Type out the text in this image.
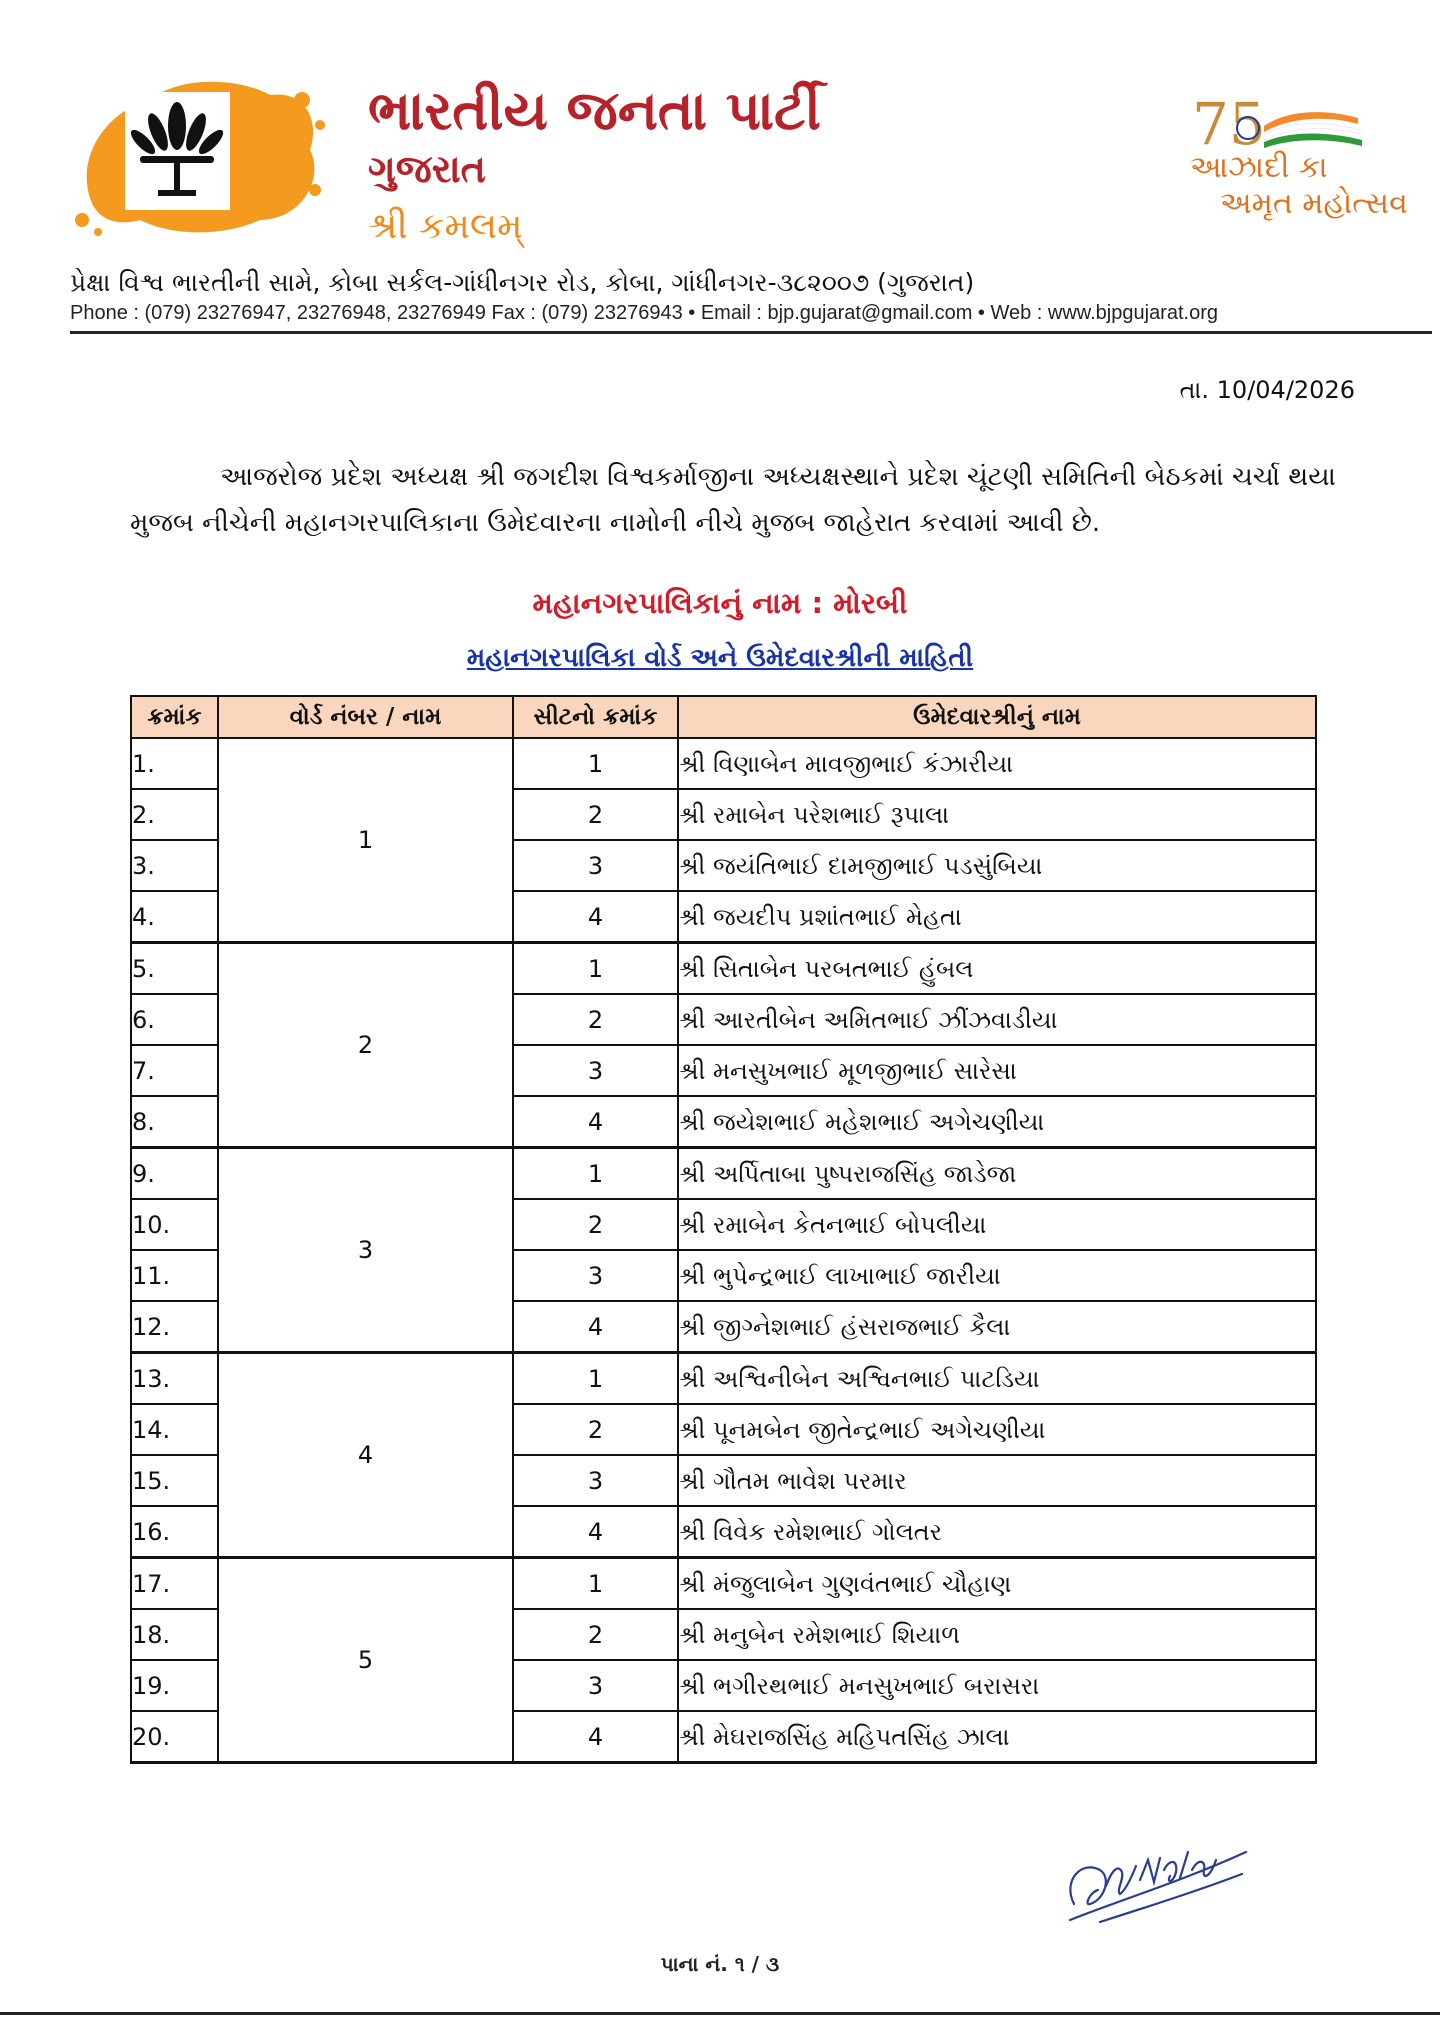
ભારતીય જનતા પાર્ટી
ગુજરાત
શ્રી કમલમ્
75
આઝાદી કા
અમૃત મહોત્સવ
પ્રેક્ષા વિશ્વ ભારતીની સામે, કોબા સર્કલ-ગાંધીનગર રોડ, કોબા, ગાંધીનગર-૩૮૨૦૦૭ (ગુજરાત)
Phone : (079) 23276947, 23276948, 23276949 Fax : (079) 23276943 • Email : bjp.gujarat@gmail.com • Web : www.bjpgujarat.org
તા. 10/04/2026
આજરોજ પ્રદેશ અધ્યક્ષ શ્રી જગદીશ વિશ્વકર્માજીના અધ્યક્ષસ્થાને પ્રદેશ ચૂંટણી સમિતિની બેઠકમાં ચર્ચા થયા મુજબ નીચેની મહાનગરપાલિકાના ઉમેદવારના નામોની નીચે મુજબ જાહેરાત કરવામાં આવી છે.
મહાનગરપાલિકાનું નામ : મોરબી
મહાનગરપાલિકા વોર્ડ અને ઉમેદવારશ્રીની માહિતી
ક્રમાંક	વોર્ડ નંબર / નામ	સીટનો ક્રમાંક	ઉમેદવારશ્રીનું નામ
1.	1	1	શ્રી વિણાબેન માવજીભાઈ કંઝારીયા
2.		2	શ્રી રમાબેન પરેશભાઈ રૂપાલા
3.		3	શ્રી જયંતિભાઈ દામજીભાઈ પડસુંબિયા
4.		4	શ્રી જયદીપ પ્રશાંતભાઈ મેહતા
5.	2	1	શ્રી સિતાબેન પરબતભાઈ હુંબલ
6.		2	શ્રી આરતીબેન અમિતભાઈ ઝીંઝવાડીયા
7.		3	શ્રી મનસુખભાઈ મૂળજીભાઈ સારેસા
8.		4	શ્રી જયેશભાઈ મહેશભાઈ અગેચણીયા
9.	3	1	શ્રી અર્પિતાબા પુષ્પરાજસિંહ જાડેજા
10.		2	શ્રી રમાબેન કેતનભાઈ બોપલીયા
11.		3	શ્રી ભુપેન્દ્રભાઈ લાખાભાઈ જારીયા
12.		4	શ્રી જીગ્નેશભાઈ હંસરાજભાઈ કૈલા
13.	4	1	શ્રી અશ્વિનીબેન અશ્વિનભાઈ પાટડિયા
14.		2	શ્રી પૂનમબેન જીતેન્દ્રભાઈ અગેચણીયા
15.		3	શ્રી ગૌતમ ભાવેશ પરમાર
16.		4	શ્રી વિવેક રમેશભાઈ ગોલતર
17.	5	1	શ્રી મંજુલાબેન ગુણવંતભાઈ ચૌહાણ
18.		2	શ્રી મનુબેન રમેશભાઈ શિયાળ
19.		3	શ્રી ભગીરથભાઈ મનસુખભાઈ બરાસરા
20.		4	શ્રી મેઘરાજસિંહ મહિપતસિંહ ઝાલા
પાના નં. ૧ / ૩
